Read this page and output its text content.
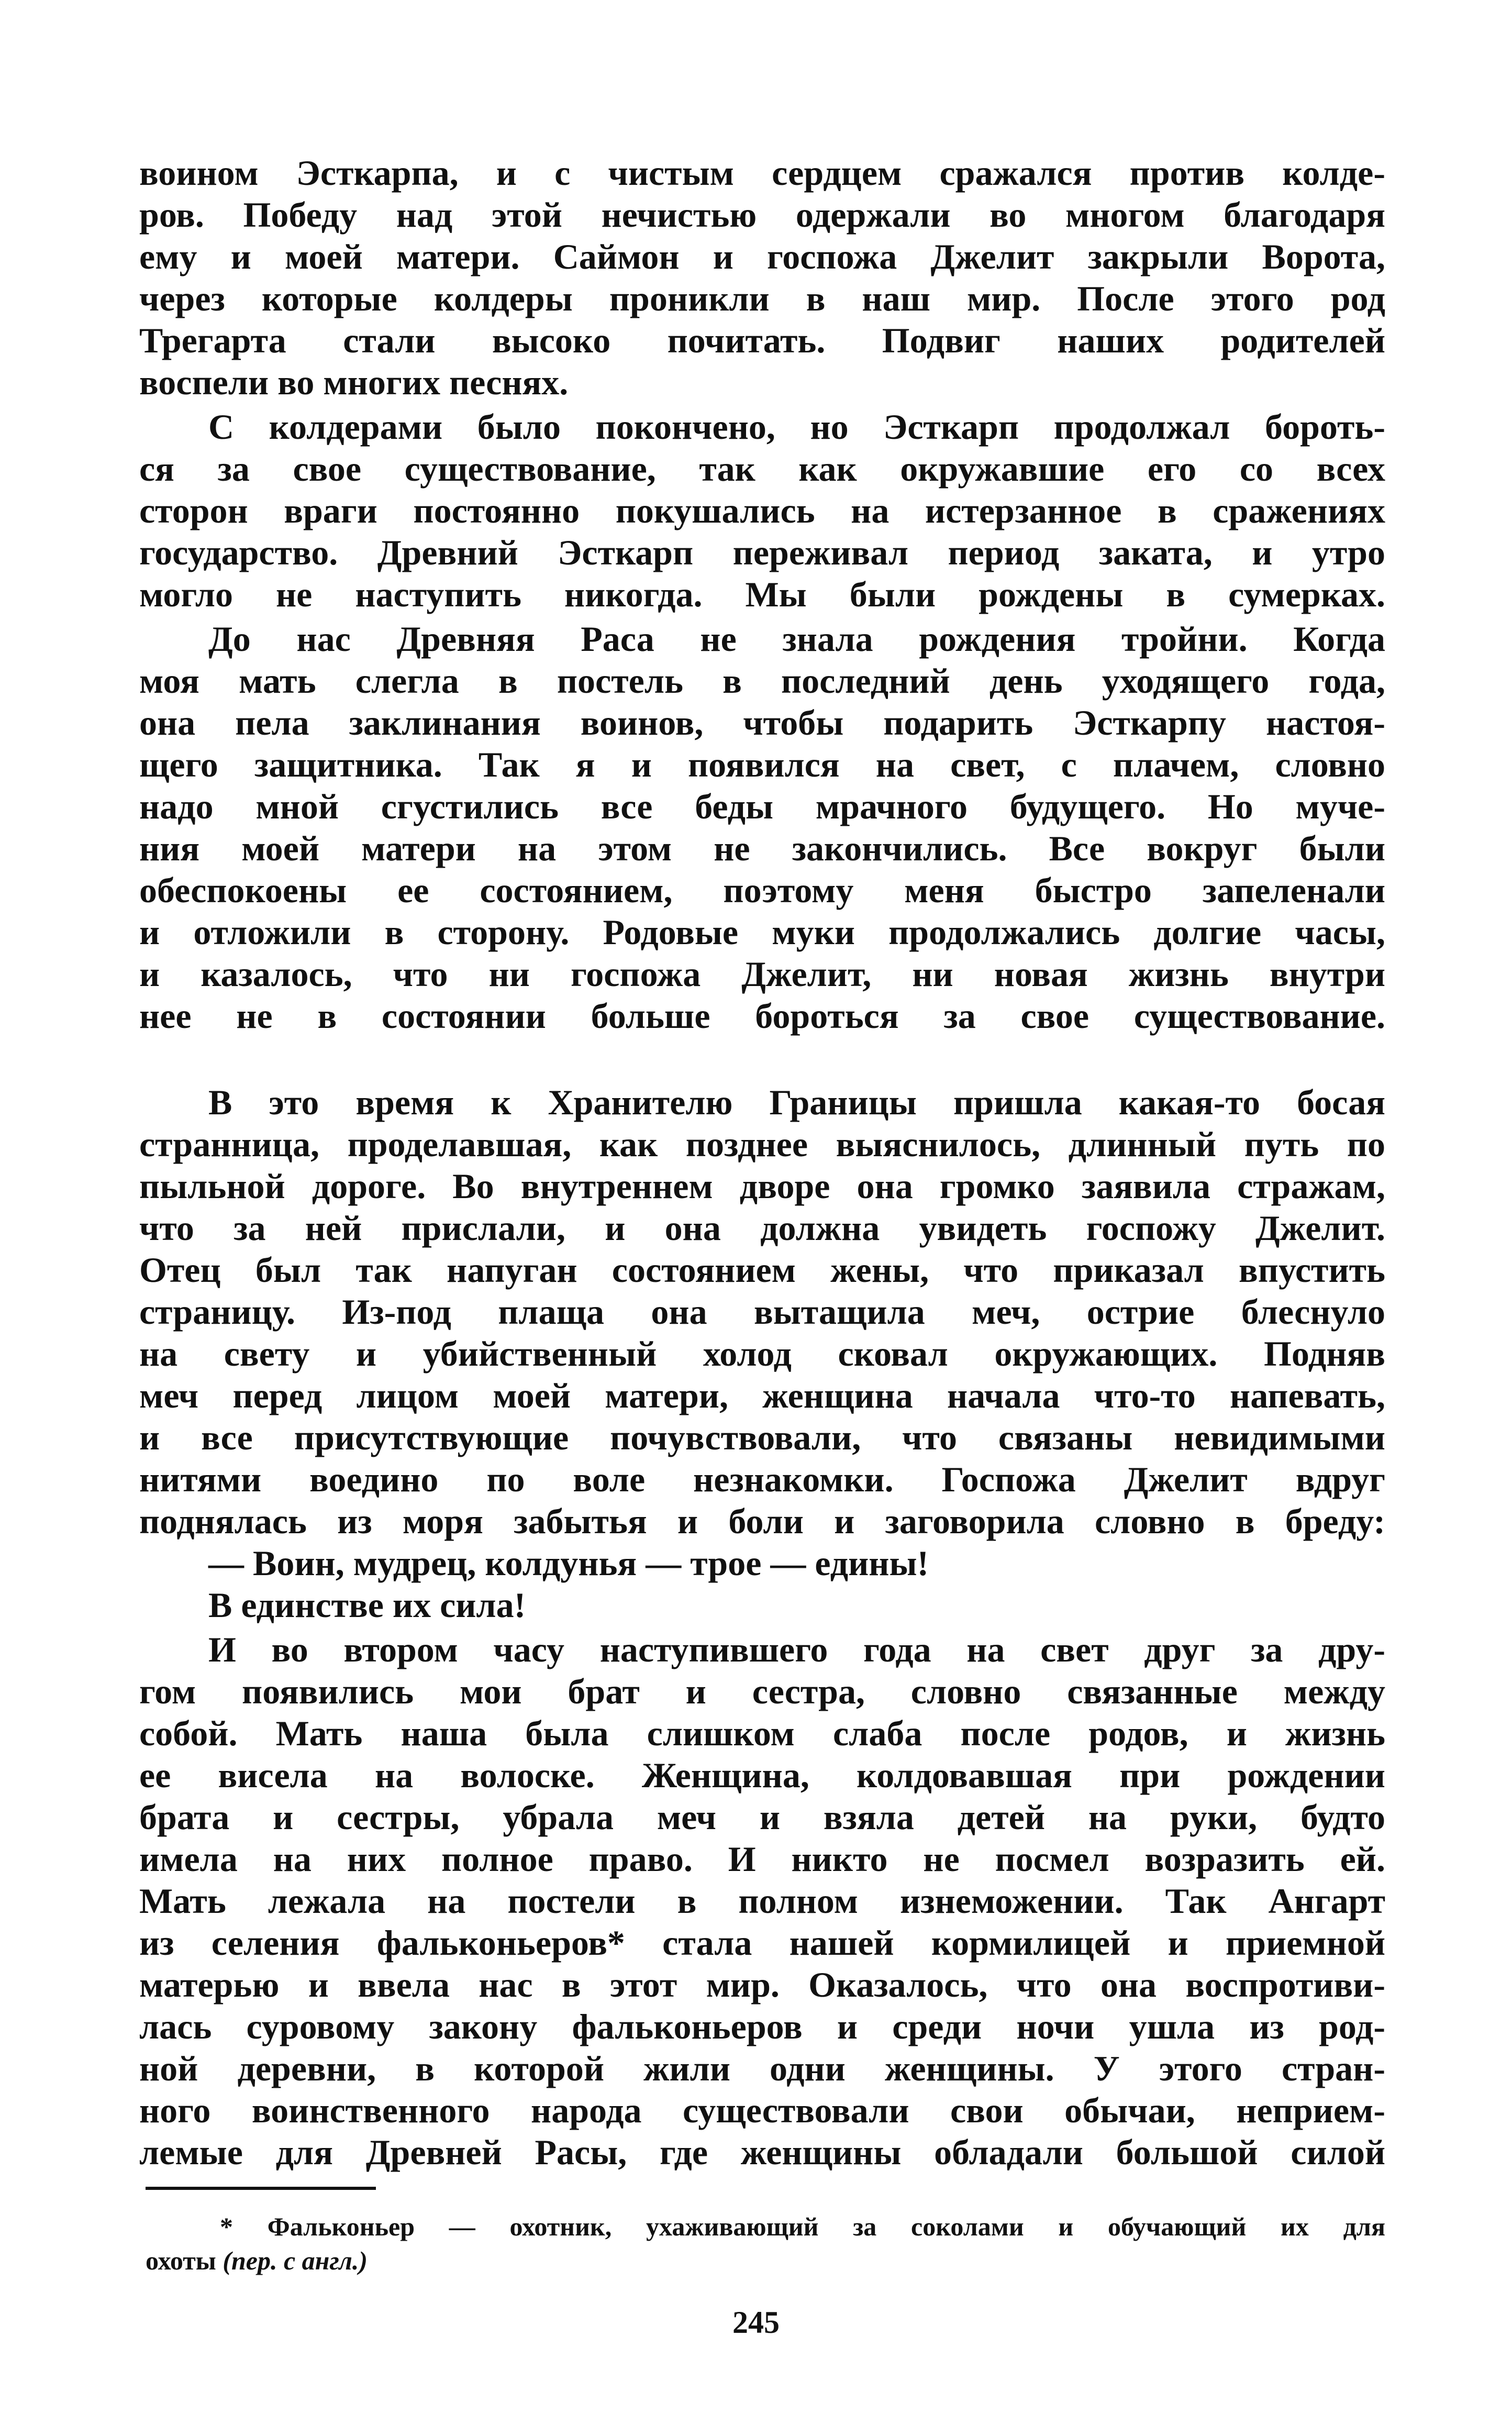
воином Эсткарпа, и с чистым сердцем сражался против колде-
ров. Победу над этой нечистью одержали во многом благодаря
ему и моей матери. Саймон и госпожа Джелит закрыли Ворота,
через которые колдеры проникли в наш мир. После этого род
Трегарта стали высоко почитать. Подвиг наших родителей
воспели во многих песнях.
С колдерами было покончено, но Эсткарп продолжал бороть-
ся за свое существование, так как окружавшие его со всех
сторон враги постоянно покушались на истерзанное в сражениях
государство. Древний Эсткарп переживал период заката, и утро
могло не наступить никогда. Мы были рождены в сумерках.
До нас Древняя Раса не знала рождения тройни. Когда
моя мать слегла в постель в последний день уходящего года,
она пела заклинания воинов, чтобы подарить Эсткарпу настоя-
щего защитника. Так я и появился на свет, с плачем, словно
надо мной сгустились все беды мрачного будущего. Но муче-
ния моей матери на этом не закончились. Все вокруг были
обеспокоены ее состоянием, поэтому меня быстро запеленали
и отложили в сторону. Родовые муки продолжались долгие часы,
и казалось, что ни госпожа Джелит, ни новая жизнь внутри
нее не в состоянии больше бороться за свое существование.
В это время к Хранителю Границы пришла какая-то босая
странница, проделавшая, как позднее выяснилось, длинный путь по
пыльной дороге. Во внутреннем дворе она громко заявила стражам,
что за ней прислали, и она должна увидеть госпожу Джелит.
Отец был так напуган состоянием жены, что приказал впустить
страницу. Из-под плаща она вытащила меч, острие блеснуло
на свету и убийственный холод сковал окружающих. Подняв
меч перед лицом моей матери, женщина начала что-то напевать,
и все присутствующие почувствовали, что связаны невидимыми
нитями воедино по воле незнакомки. Госпожа Джелит вдруг
поднялась из моря забытья и боли и заговорила словно в бреду:
— Воин, мудрец, колдунья — трое — едины!
В единстве их сила!
И во втором часу наступившего года на свет друг за дру-
гом появились мои брат и сестра, словно связанные между
собой. Мать наша была слишком слаба после родов, и жизнь
ее висела на волоске. Женщина, колдовавшая при рождении
брата и сестры, убрала меч и взяла детей на руки, будто
имела на них полное право. И никто не посмел возразить ей.
Мать лежала на постели в полном изнеможении. Так Ангарт
из селения фальконьеров* стала нашей кормилицей и приемной
матерью и ввела нас в этот мир. Оказалось, что она воспротиви-
лась суровому закону фальконьеров и среди ночи ушла из род-
ной деревни, в которой жили одни женщины. У этого стран-
ного воинственного народа существовали свои обычаи, неприем-
лемые для Древней Расы, где женщины обладали большой силой
* Фальконьер — охотник, ухаживающий за соколами и обучающий их для
охоты (пер. с англ.)
245
